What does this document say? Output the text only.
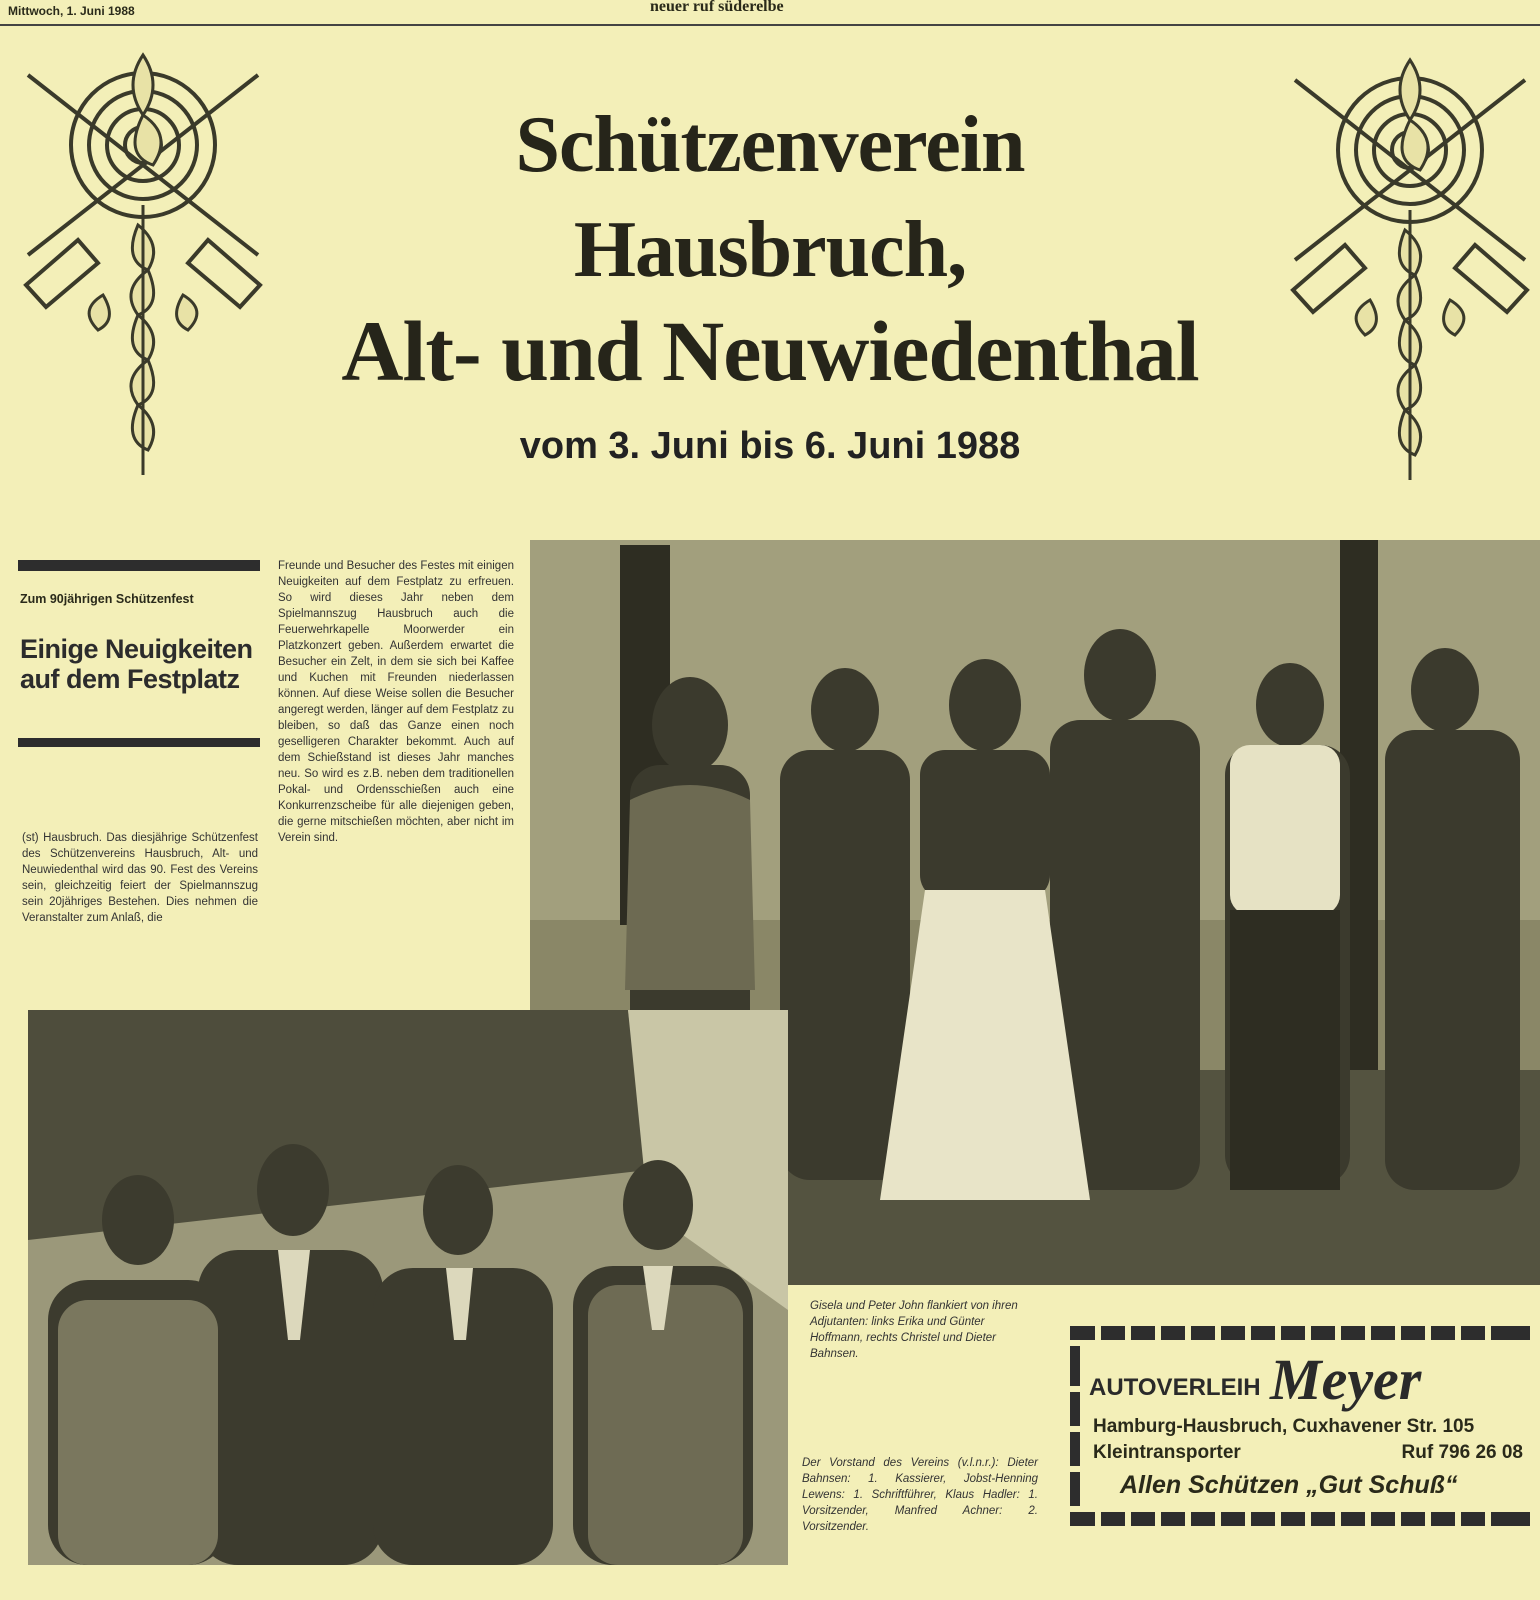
Mittwoch, 1. Juni 1988	neuer ruf süderelbe
Schützenverein
Hausbruch,
Alt- und Neuwiedenthal
vom 3. Juni bis 6. Juni 1988
Zum 90jährigen Schützenfest
Einige Neuigkeiten auf dem Festplatz
(st) Hausbruch. Das diesjährige Schützenfest des Schützenvereins Hausbruch, Alt- und Neuwiedenthal wird das 90. Fest des Vereins sein, gleichzeitig feiert der Spielmannszug sein 20jähriges Bestehen. Dies nehmen die Veranstalter zum Anlaß, die
Freunde und Besucher des Festes mit einigen Neuigkeiten auf dem Festplatz zu erfreuen. So wird dieses Jahr neben dem Spielmannszug Hausbruch auch die Feuerwehrkapelle Moorwerder ein Platzkonzert geben. Außerdem erwartet die Besucher ein Zelt, in dem sie sich bei Kaffee und Kuchen mit Freunden niederlassen können. Auf diese Weise sollen die Besucher angeregt werden, länger auf dem Festplatz zu bleiben, so daß das Ganze einen noch geselligeren Charakter bekommt. Auch auf dem Schießstand ist dieses Jahr manches neu. So wird es z.B. neben dem traditionellen Pokal- und Ordensschießen auch eine Konkurrenzscheibe für alle diejenigen geben, die gerne mitschießen möchten, aber nicht im Verein sind.
Gisela und Peter John flankiert von ihren Adjutanten: links Erika und Günter Hoffmann, rechts Christel und Dieter Bahnsen.
Der Vorstand des Vereins (v.l.n.r.): Dieter Bahnsen: 1. Kassierer, Jobst-Henning Lewens: 1. Schriftführer, Klaus Hadler: 1. Vorsitzender, Manfred Achner: 2. Vorsitzender.
AUTOVERLEIH Meyer
Hamburg-Hausbruch, Cuxhavener Str. 105
Kleintransporter	Ruf 796 26 08
Allen Schützen „Gut Schuß“
